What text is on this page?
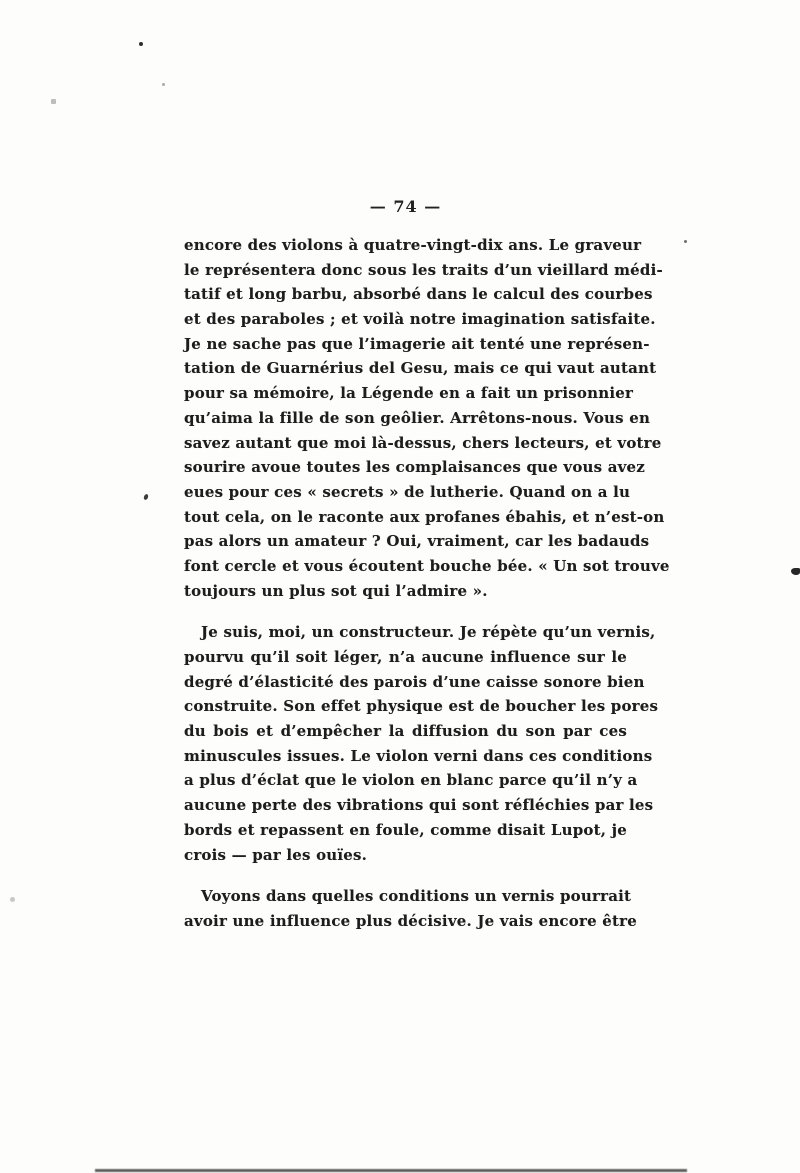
— 74 —
encore des violons à quatre-vingt-dix ans. Le graveur
le représentera donc sous les traits d’un vieillard médi-
tatif et long barbu, absorbé dans le calcul des courbes
et des paraboles ; et voilà notre imagination satisfaite.
Je ne sache pas que l’imagerie ait tenté une représen-
tation de Guarnérius del Gesu, mais ce qui vaut autant
pour sa mémoire, la Légende en a fait un prisonnier
qu’aima la fille de son geôlier. Arrêtons-nous. Vous en
savez autant que moi là-dessus, chers lecteurs, et votre
sourire avoue toutes les complaisances que vous avez
eues pour ces « secrets » de lutherie. Quand on a lu
tout cela, on le raconte aux profanes ébahis, et n’est-on
pas alors un amateur ? Oui, vraiment, car les badauds
font cercle et vous écoutent bouche bée. « Un sot trouve
toujours un plus sot qui l’admire ».
Je suis, moi, un constructeur. Je répète qu’un vernis,
pourvu qu’il soit léger, n’a aucune influence sur le
degré d’élasticité des parois d’une caisse sonore bien
construite. Son effet physique est de boucher les pores
du bois et d’empêcher la diffusion du son par ces
minuscules issues. Le violon verni dans ces conditions
a plus d’éclat que le violon en blanc parce qu’il n’y a
aucune perte des vibrations qui sont réfléchies par les
bords et repassent en foule, comme disait Lupot, je
crois — par les ouïes.
Voyons dans quelles conditions un vernis pourrait
avoir une influence plus décisive. Je vais encore être
